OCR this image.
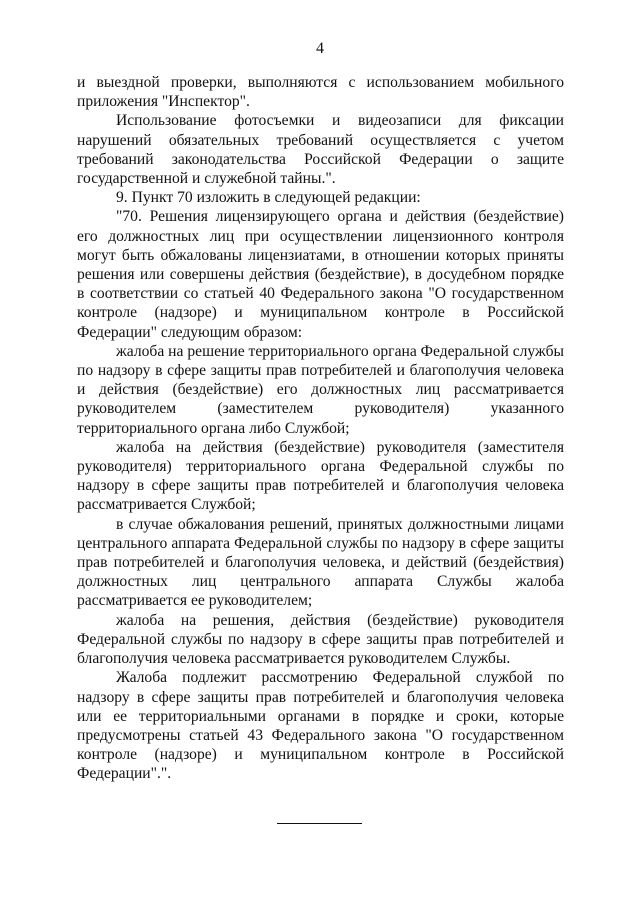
4

и выездной проверки, выполняются с использованием мобильного приложения "Инспектор".

Использование фотосъемки и видеозаписи для фиксации нарушений обязательных требований осуществляется с учетом требований законодательства Российской Федерации о защите государственной и служебной тайны.".

9. Пункт 70 изложить в следующей редакции:

"70. Решения лицензирующего органа и действия (бездействие) его должностных лиц при осуществлении лицензионного контроля могут быть обжалованы лицензиатами, в отношении которых приняты решения или совершены действия (бездействие), в досудебном порядке в соответствии со статьей 40 Федерального закона "О государственном контроле (надзоре) и муниципальном контроле в Российской Федерации" следующим образом:

жалоба на решение территориального органа Федеральной службы по надзору в сфере защиты прав потребителей и благополучия человека и действия (бездействие) его должностных лиц рассматривается руководителем (заместителем руководителя) указанного территориального органа либо Службой;

жалоба на действия (бездействие) руководителя (заместителя руководителя) территориального органа Федеральной службы по надзору в сфере защиты прав потребителей и благополучия человека рассматривается Службой;

в случае обжалования решений, принятых должностными лицами центрального аппарата Федеральной службы по надзору в сфере защиты прав потребителей и благополучия человека, и действий (бездействия) должностных лиц центрального аппарата Службы жалоба рассматривается ее руководителем;

жалоба на решения, действия (бездействие) руководителя Федеральной службы по надзору в сфере защиты прав потребителей и благополучия человека рассматривается руководителем Службы.

Жалоба подлежит рассмотрению Федеральной службой по надзору в сфере защиты прав потребителей и благополучия человека или ее территориальными органами в порядке и сроки, которые предусмотрены статьей 43 Федерального закона "О государственном контроле (надзоре) и муниципальном контроле в Российской Федерации".".
